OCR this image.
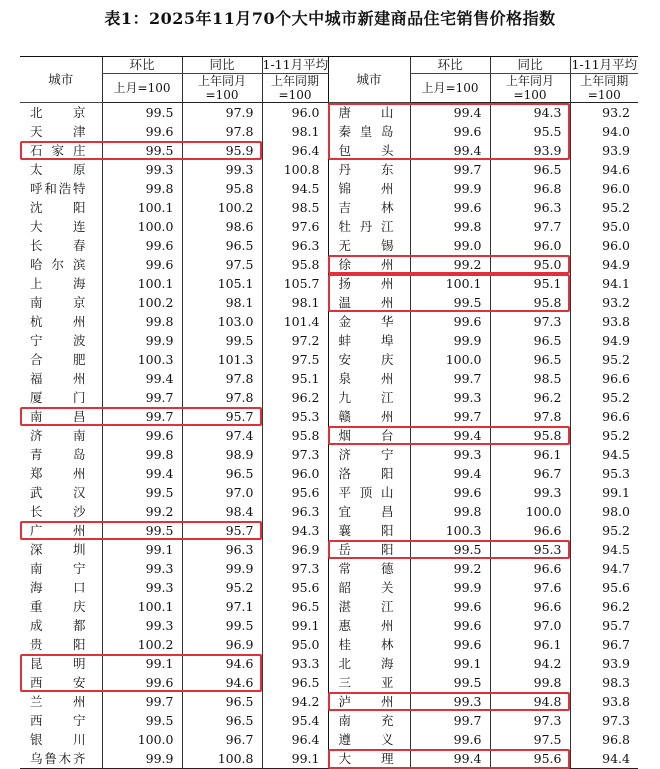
表1：2025年11月70个大中城市新建商品住宅销售价格指数
城市	环比	同比	1-11月平均	城市	环比	同比	1-11月平均
	上月=100	上年同月=100	上年同期=100		上月=100	上年同月=100	上年同期=100
北京	99.5	97.9	96.0	唐山	99.4	94.3	93.2
天津	99.6	97.8	98.1	秦皇岛	99.6	95.5	94.0
石家庄	99.5	95.9	96.4	包头	99.4	93.9	93.9
太原	99.3	99.3	100.8	丹东	99.7	96.5	94.6
呼和浩特	99.8	95.8	94.5	锦州	99.9	96.8	96.0
沈阳	100.1	100.2	98.5	吉林	99.6	96.3	95.2
大连	100.0	98.6	97.6	牡丹江	99.8	97.7	95.0
长春	99.6	96.5	96.3	无锡	99.0	96.0	96.0
哈尔滨	99.6	97.5	95.8	徐州	99.2	95.0	94.9
上海	100.1	105.1	105.7	扬州	100.1	95.1	94.1
南京	100.2	98.1	98.1	温州	99.5	95.8	93.2
杭州	99.8	103.0	101.4	金华	99.6	97.3	93.8
宁波	99.9	99.5	97.2	蚌埠	99.9	96.5	94.9
合肥	100.3	101.3	97.5	安庆	100.0	96.5	95.2
福州	99.4	97.8	95.1	泉州	99.7	98.5	96.6
厦门	99.7	97.8	96.2	九江	99.3	96.2	95.2
南昌	99.7	95.7	95.3	赣州	99.7	97.8	96.6
济南	99.6	97.4	95.8	烟台	99.4	95.8	95.2
青岛	99.8	98.9	97.3	济宁	99.3	96.1	94.5
郑州	99.4	96.5	96.0	洛阳	99.4	96.7	95.3
武汉	99.5	97.0	95.6	平顶山	99.6	99.3	99.1
长沙	99.2	98.4	96.3	宜昌	99.8	100.0	98.0
广州	99.5	95.7	94.3	襄阳	100.3	96.6	95.2
深圳	99.1	96.3	96.9	岳阳	99.5	95.3	94.5
南宁	99.3	99.9	97.3	常德	99.2	96.6	94.7
海口	99.3	95.2	95.6	韶关	99.9	97.6	95.6
重庆	100.1	97.1	96.5	湛江	99.6	96.6	96.2
成都	99.3	99.5	99.1	惠州	99.6	97.0	95.7
贵阳	100.2	96.9	95.0	桂林	99.6	96.1	96.7
昆明	99.1	94.6	93.3	北海	99.1	94.2	93.9
西安	99.6	94.6	96.5	三亚	99.5	99.8	98.3
兰州	99.7	96.5	94.2	泸州	99.3	94.8	93.8
西宁	99.5	96.5	95.4	南充	99.7	97.3	97.3
银川	100.0	96.7	96.4	遵义	99.6	97.5	96.8
乌鲁木齐	99.9	100.8	99.1	大理	99.4	95.6	94.4
